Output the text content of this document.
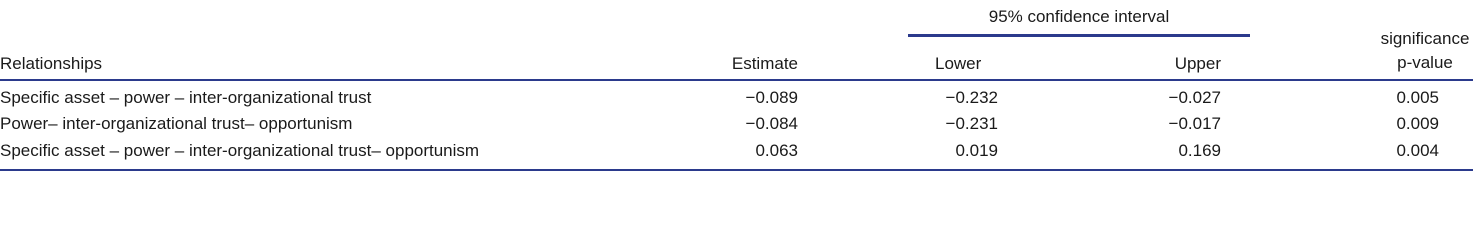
95% confidence interval
significance
p-value
Relationships	Estimate	Lower	Upper
Specific asset – power – inter-organizational trust	−0.089	−0.232	−0.027	0.005
Power– inter-organizational trust– opportunism	−0.084	−0.231	−0.017	0.009
Specific asset – power – inter-organizational trust– opportunism	0.063	0.019	0.169	0.004
